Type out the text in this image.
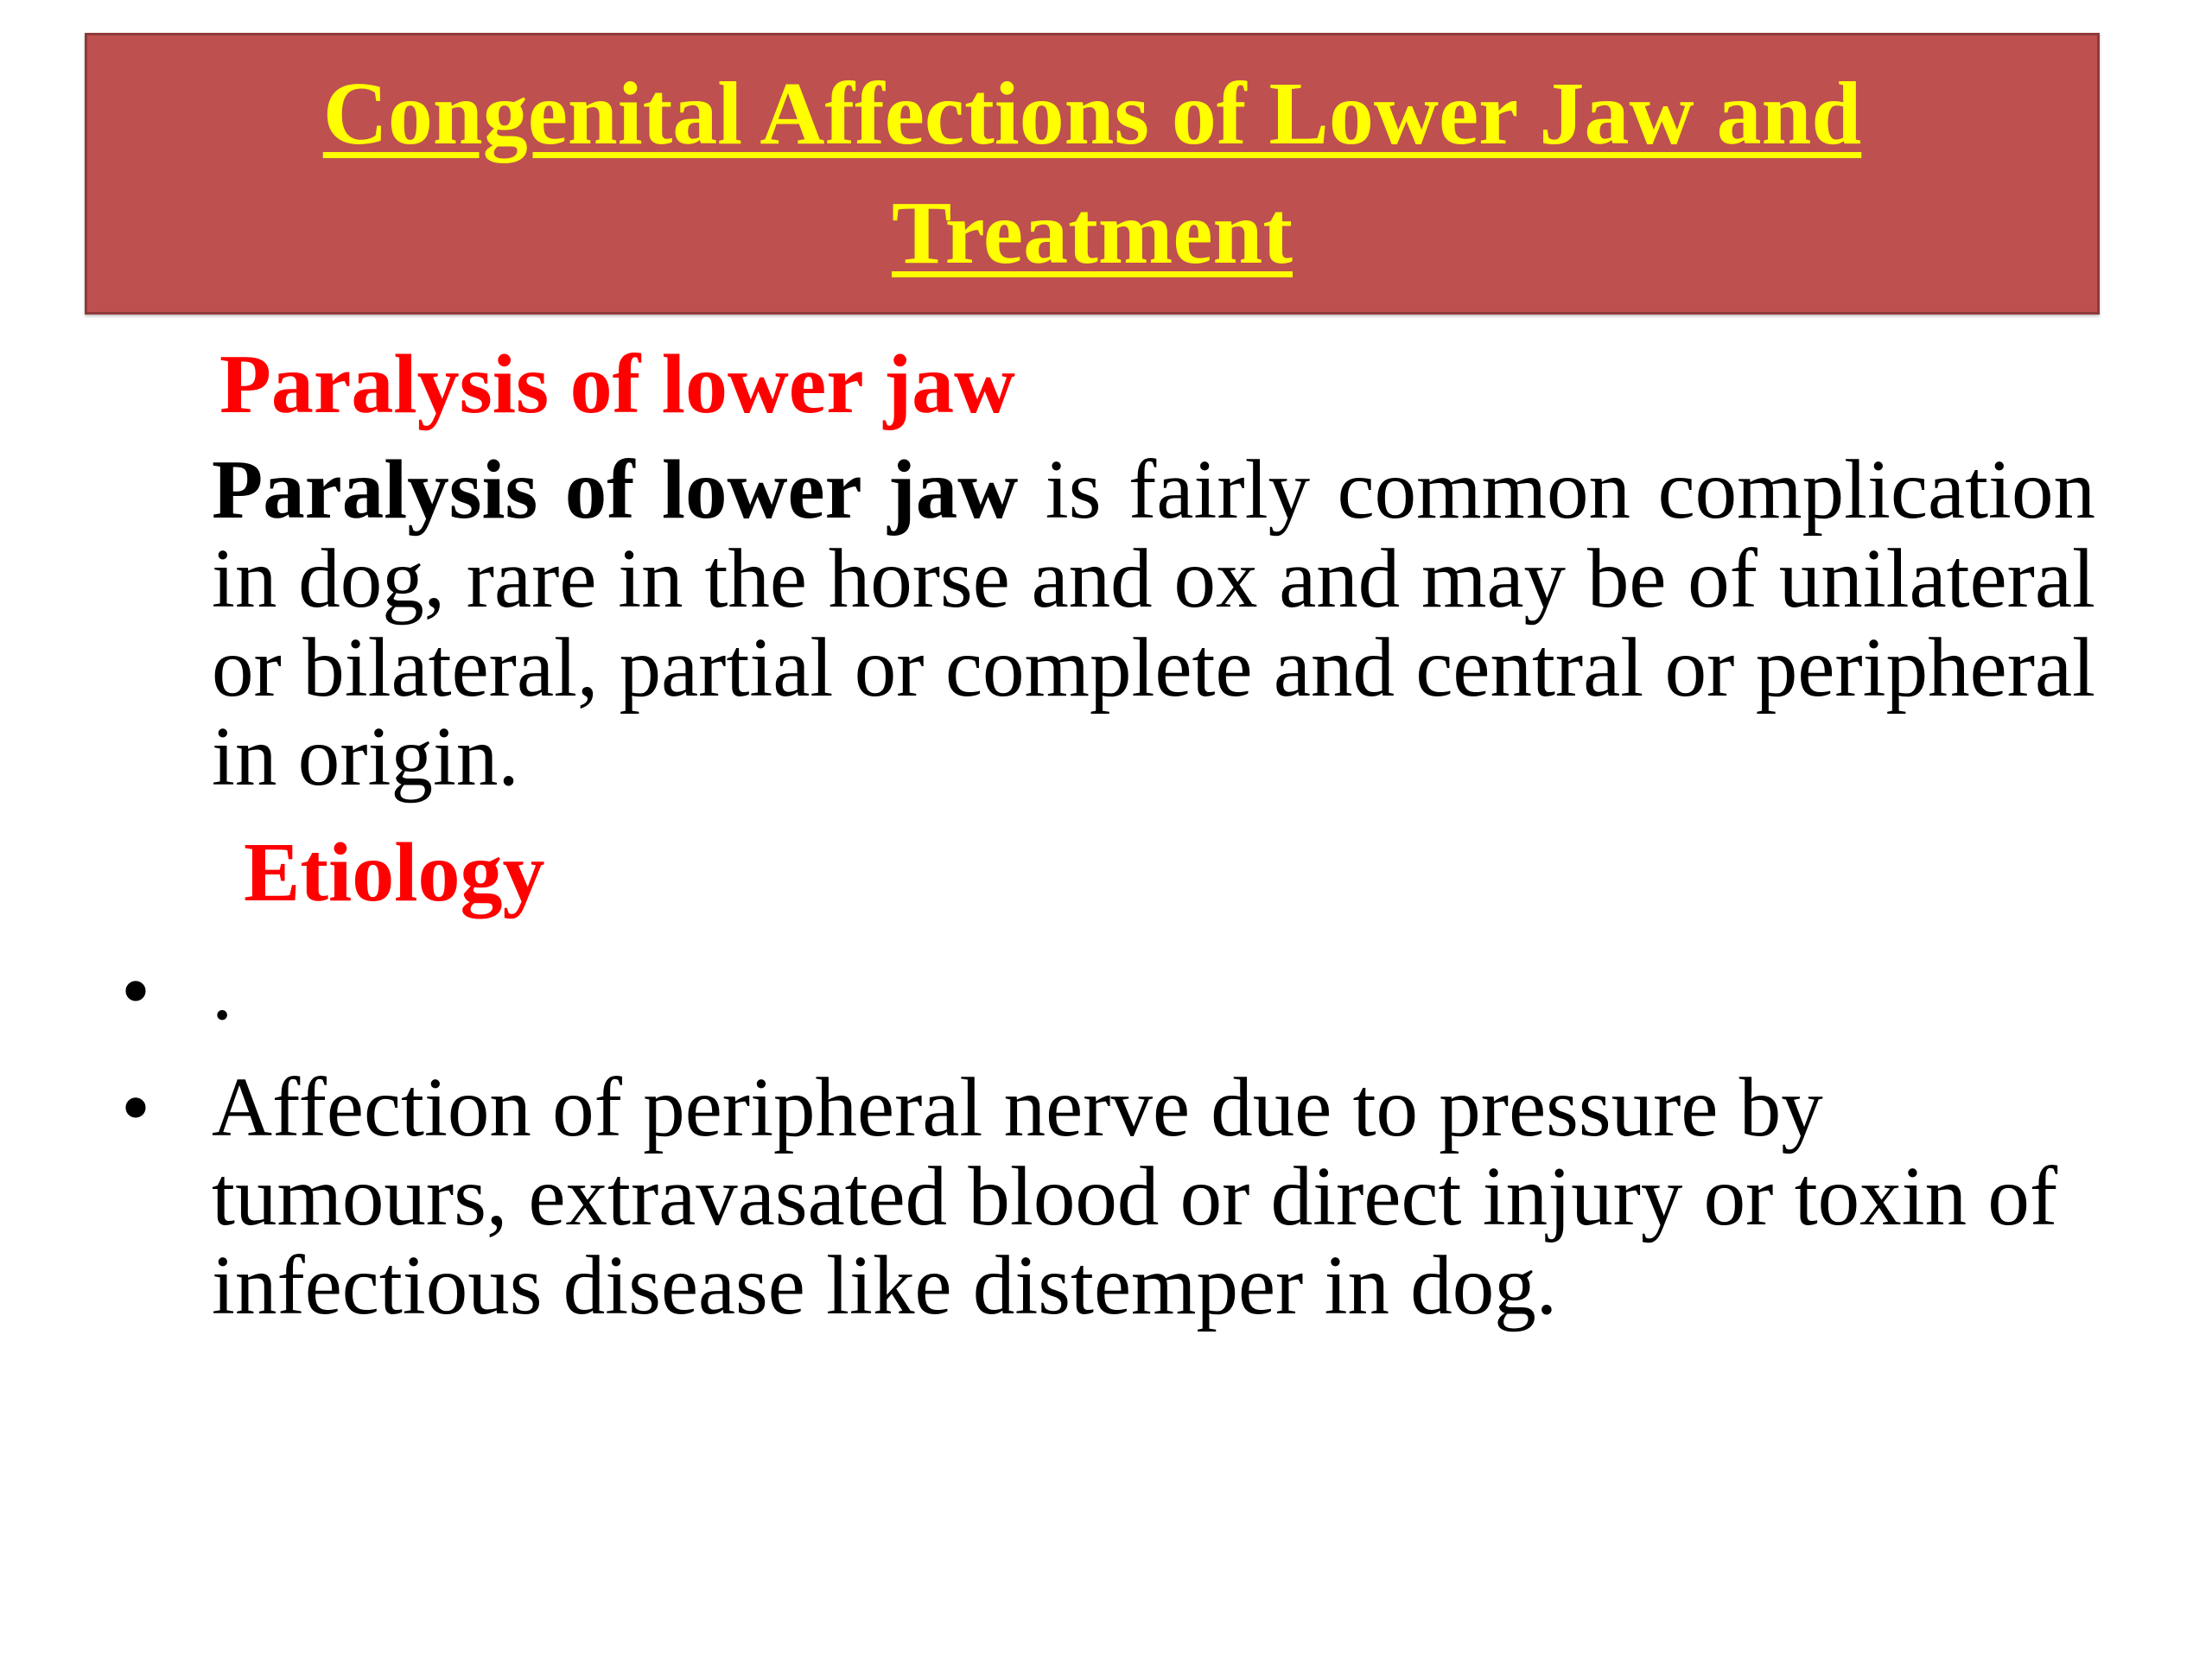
Congenital Affections of Lower Jaw and Treatment
Paralysis of lower jaw
Paralysis of lower jaw is fairly common complication in dog, rare in the horse and ox and may be of unilateral or bilateral, partial or complete and central or peripheral in origin.
Etiology
• .
• Affection of peripheral nerve due to pressure by tumours, extravasated blood or direct injury or toxin of infectious disease like distemper in dog.
